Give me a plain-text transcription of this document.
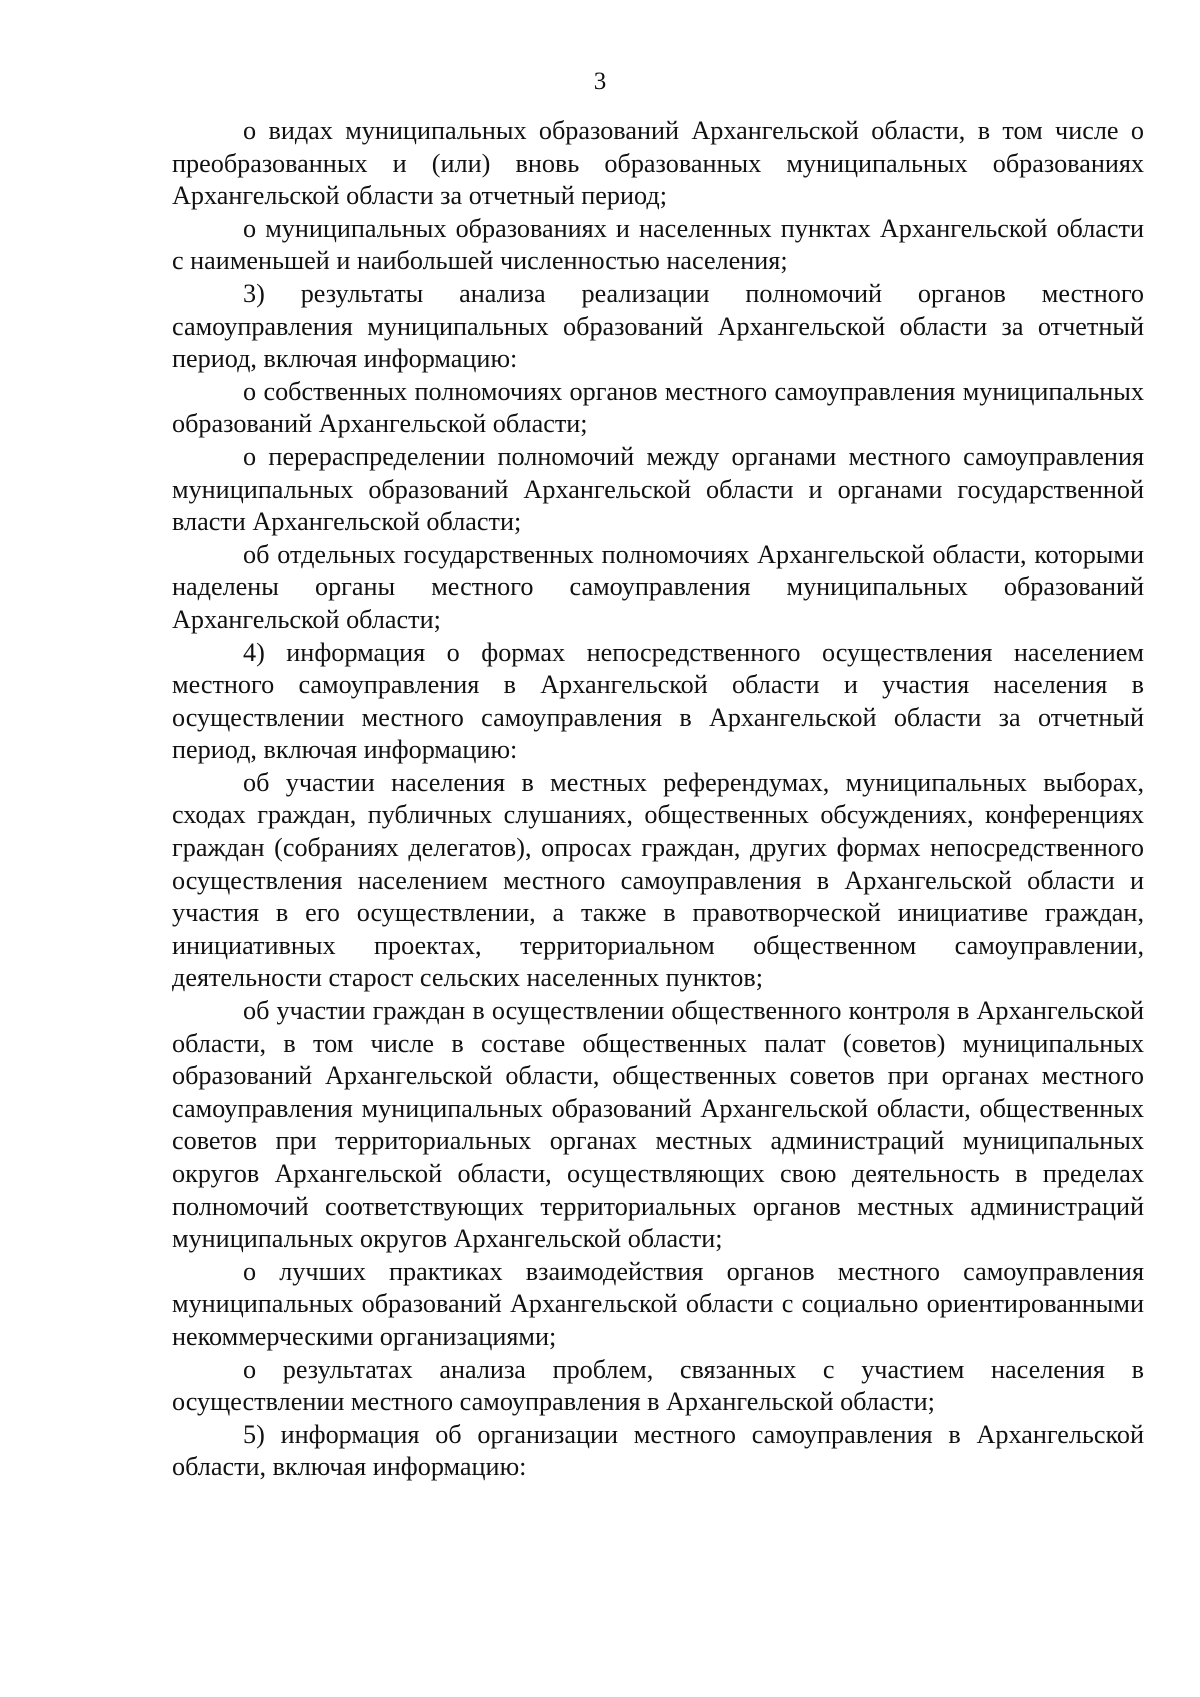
3

о видах муниципальных образований Архангельской области, в том числе о преобразованных и (или) вновь образованных муниципальных образованиях Архангельской области за отчетный период;

о муниципальных образованиях и населенных пунктах Архангельской области с наименьшей и наибольшей численностью населения;

3) результаты анализа реализации полномочий органов местного самоуправления муниципальных образований Архангельской области за отчетный период, включая информацию:

о собственных полномочиях органов местного самоуправления муниципальных образований Архангельской области;

о перераспределении полномочий между органами местного самоуправления муниципальных образований Архангельской области и органами государственной власти Архангельской области;

об отдельных государственных полномочиях Архангельской области, которыми наделены органы местного самоуправления муниципальных образований Архангельской области;

4) информация о формах непосредственного осуществления населением местного самоуправления в Архангельской области и участия населения в осуществлении местного самоуправления в Архангельской области за отчетный период, включая информацию:

об участии населения в местных референдумах, муниципальных выборах, сходах граждан, публичных слушаниях, общественных обсуждениях, конференциях граждан (собраниях делегатов), опросах граждан, других формах непосредственного осуществления населением местного самоуправления в Архангельской области и участия в его осуществлении, а также в правотворческой инициативе граждан, инициативных проектах, территориальном общественном самоуправлении, деятельности старост сельских населенных пунктов;

об участии граждан в осуществлении общественного контроля в Архангельской области, в том числе в составе общественных палат (советов) муниципальных образований Архангельской области, общественных советов при органах местного самоуправления муниципальных образований Архангельской области, общественных советов при территориальных органах местных администраций муниципальных округов Архангельской области, осуществляющих свою деятельность в пределах полномочий соответствующих территориальных органов местных администраций муниципальных округов Архангельской области;

о лучших практиках взаимодействия органов местного самоуправления муниципальных образований Архангельской области с социально ориентированными некоммерческими организациями;

о результатах анализа проблем, связанных с участием населения в осуществлении местного самоуправления в Архангельской области;

5) информация об организации местного самоуправления в Архангельской области, включая информацию:
